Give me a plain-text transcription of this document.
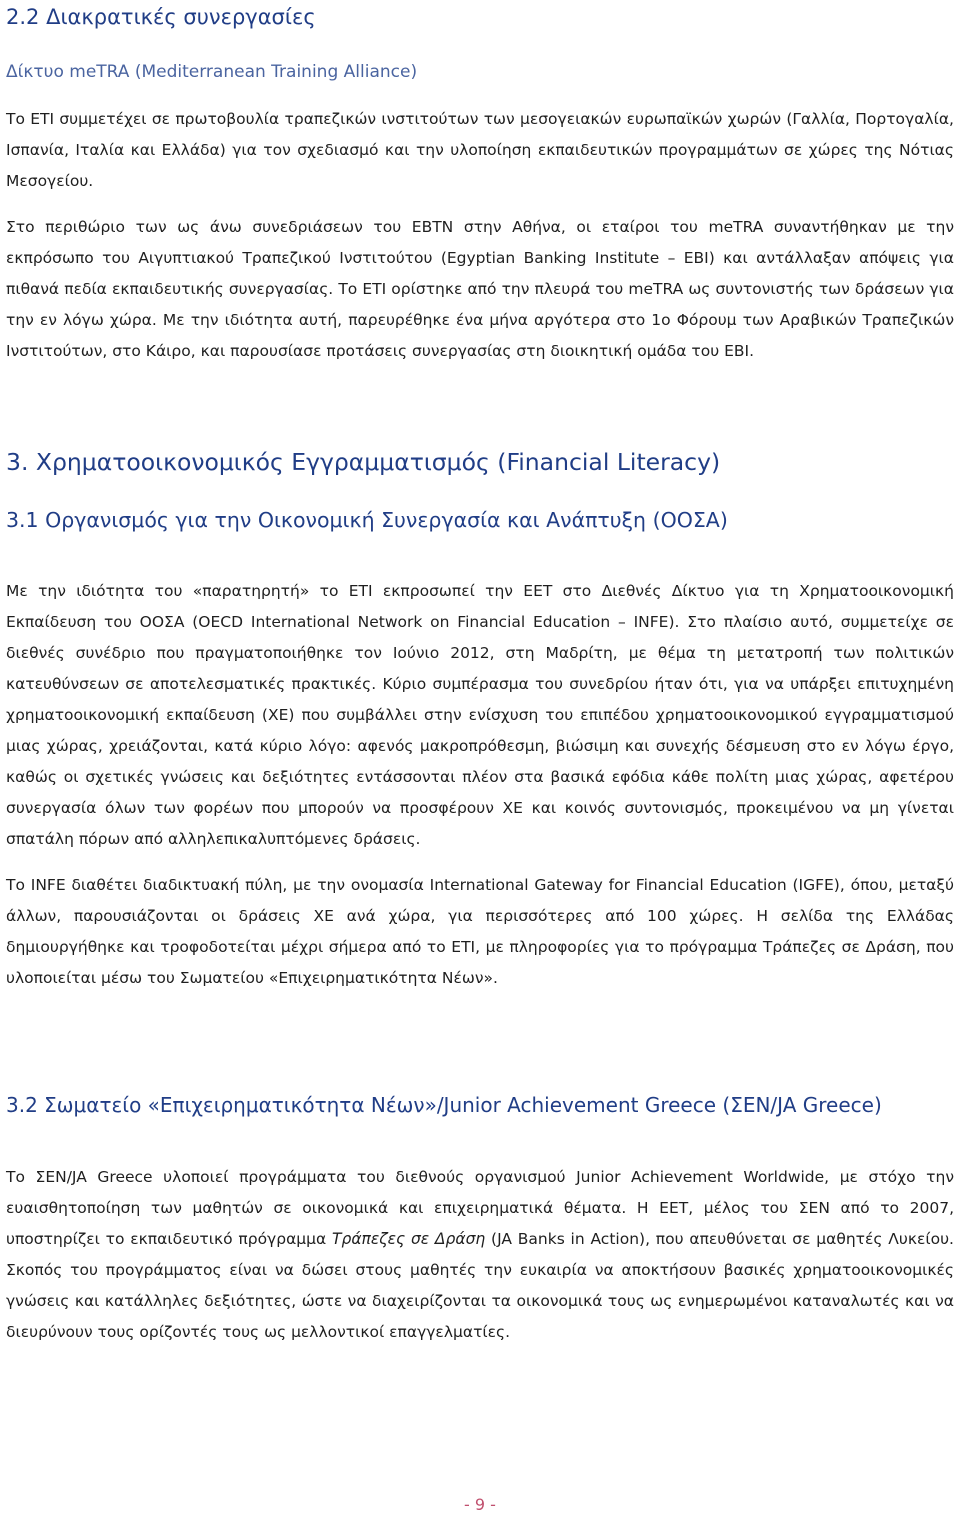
2.2 Διακρατικές συνεργασίες
Δίκτυο meTRA (Mediterranean Training Alliance)

Το ΕΤΙ συμμετέχει σε πρωτοβουλία τραπεζικών ινστιτούτων των μεσογειακών ευρωπαϊκών χωρών (Γαλλία, Πορτογαλία, Ισπανία, Ιταλία και Ελλάδα) για τον σχεδιασμό και την υλοποίηση εκπαιδευτικών προγραμμάτων σε χώρες της Νότιας Μεσογείου.

Στο περιθώριο των ως άνω συνεδριάσεων του EBTN στην Αθήνα, οι εταίροι του meTRA συναντήθηκαν με την εκπρόσωπο του Αιγυπτιακού Τραπεζικού Ινστιτούτου (Egyptian Banking Institute – EBI) και αντάλλαξαν απόψεις για πιθανά πεδία εκπαιδευτικής συνεργασίας. Το ΕΤΙ ορίστηκε από την πλευρά του meTRA ως συντονιστής των δράσεων για την εν λόγω χώρα. Με την ιδιότητα αυτή, παρευρέθηκε ένα μήνα αργότερα στο 1ο Φόρουμ των Αραβικών Τραπεζικών Ινστιτούτων, στο Κάιρο, και παρουσίασε προτάσεις συνεργασίας στη διοικητική ομάδα του EBI.

3. Χρηματοοικονομικός Εγγραμματισμός (Financial Literacy)
3.1 Οργανισμός για την Οικονομική Συνεργασία και Ανάπτυξη (ΟΟΣΑ)

Με την ιδιότητα του «παρατηρητή» το ΕΤΙ εκπροσωπεί την ΕΕΤ στο Διεθνές Δίκτυο για τη Χρηματοοικονομική Εκπαίδευση του ΟΟΣΑ (OECD International Network on Financial Education – INFE). Στο πλαίσιο αυτό, συμμετείχε σε διεθνές συνέδριο που πραγματοποιήθηκε τον Ιούνιο 2012, στη Μαδρίτη, με θέμα τη μετατροπή των πολιτικών κατευθύνσεων σε αποτελεσματικές πρακτικές. Κύριο συμπέρασμα του συνεδρίου ήταν ότι, για να υπάρξει επιτυχημένη χρηματοοικονομική εκπαίδευση (ΧΕ) που συμβάλλει στην ενίσχυση του επιπέδου χρηματοοικονομικού εγγραμματισμού μιας χώρας, χρειάζονται, κατά κύριο λόγο: αφενός μακροπρόθεσμη, βιώσιμη και συνεχής δέσμευση στο εν λόγω έργο, καθώς οι σχετικές γνώσεις και δεξιότητες εντάσσονται πλέον στα βασικά εφόδια κάθε πολίτη μιας χώρας, αφετέρου συνεργασία όλων των φορέων που μπορούν να προσφέρουν ΧΕ και κοινός συντονισμός, προκειμένου να μη γίνεται σπατάλη πόρων από αλληλεπικαλυπτόμενες δράσεις.

Το INFE διαθέτει διαδικτυακή πύλη, με την ονομασία International Gateway for Financial Education (IGFE), όπου, μεταξύ άλλων, παρουσιάζονται οι δράσεις ΧΕ ανά χώρα, για περισσότερες από 100 χώρες. Η σελίδα της Ελλάδας δημιουργήθηκε και τροφοδοτείται μέχρι σήμερα από το ΕΤΙ, με πληροφορίες για το πρόγραμμα Τράπεζες σε Δράση, που υλοποιείται μέσω του Σωματείου «Επιχειρηματικότητα Νέων».

3.2 Σωματείο «Επιχειρηματικότητα Νέων»/Junior Achievement Greece (ΣΕΝ/JA Greece)

Το ΣΕΝ/JA Greece υλοποιεί προγράμματα του διεθνούς οργανισμού Junior Achievement Worldwide, με στόχο την ευαισθητοποίηση των μαθητών σε οικονομικά και επιχειρηματικά θέματα. Η ΕΕΤ, μέλος του ΣΕΝ από το 2007, υποστηρίζει το εκπαιδευτικό πρόγραμμα Τράπεζες σε Δράση (JA Banks in Action), που απευθύνεται σε μαθητές Λυκείου. Σκοπός του προγράμματος είναι να δώσει στους μαθητές την ευκαιρία να αποκτήσουν βασικές χρηματοοικονομικές γνώσεις και κατάλληλες δεξιότητες, ώστε να διαχειρίζονται τα οικονομικά τους ως ενημερωμένοι καταναλωτές και να διευρύνουν τους ορίζοντές τους ως μελλοντικοί επαγγελματίες.

- 9 -
